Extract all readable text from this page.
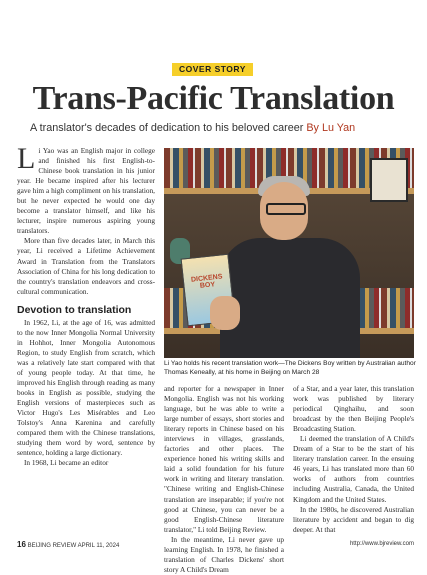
COVER STORY
Trans-Pacific Translation
A translator's decades of dedication to his beloved career By Lu Yan

Li Yao was an English major in college and finished his first English-to-Chinese book translation in his junior year. He became inspired after his lecturer gave him a high compliment on his translation, but he never expected he would one day become a translator himself, and like his lecturer, inspire numerous aspiring young translators.

More than five decades later, in March this year, Li received a Lifetime Achievement Award in Translation from the Translators Association of China for his long dedication to the country's translation endeavors and cross-cultural communication.

Devotion to translation

In 1962, Li, at the age of 16, was admitted to the now Inner Mongolia Normal University in Hohhot, Inner Mongolia Autonomous Region, to study English from scratch, which was a relatively late start compared with that of young people today. At that time, he improved his English through reading as many books in English as possible, studying the English versions of masterpieces such as Victor Hugo's Les Misérables and Leo Tolstoy's Anna Karenina and carefully compared them with the Chinese translations, studying them word by word, sentence by sentence, holding a large dictionary.

In 1968, Li became an editor

DICKENS BOY
Li Yao holds his recent translation work—The Dickens Boy written by Australian author Thomas Keneally, at his home in Beijing on March 28

and reporter for a newspaper in Inner Mongolia. English was not his working language, but he was able to write a large number of essays, short stories and literary reports in Chinese based on his interviews in villages, grasslands, factories and other places. The experience honed his writing skills and laid a solid foundation for his future work in writing and literary translation. "Chinese writing and English-Chinese translation are inseparable; if you're not good at Chinese, you can never be a good English-Chinese literature translator," Li told Beijing Review.

In the meantime, Li never gave up learning English. In 1978, he finished a translation of Charles Dickens' short story A Child's Dream

of a Star, and a year later, this translation work was published by literary periodical Qinghaihu, and soon broadcast by the then Beijing People's Broadcasting Station.

Li deemed the translation of A Child's Dream of a Star to be the start of his literary translation career. In the ensuing 46 years, Li has translated more than 60 works of authors from countries including Australia, Canada, the United Kingdom and the United States.

In the 1980s, he discovered Australian literature by accident and began to dig deeper. At that

16 BEIJING REVIEW APRIL 11, 2024	http://www.bjreview.com
